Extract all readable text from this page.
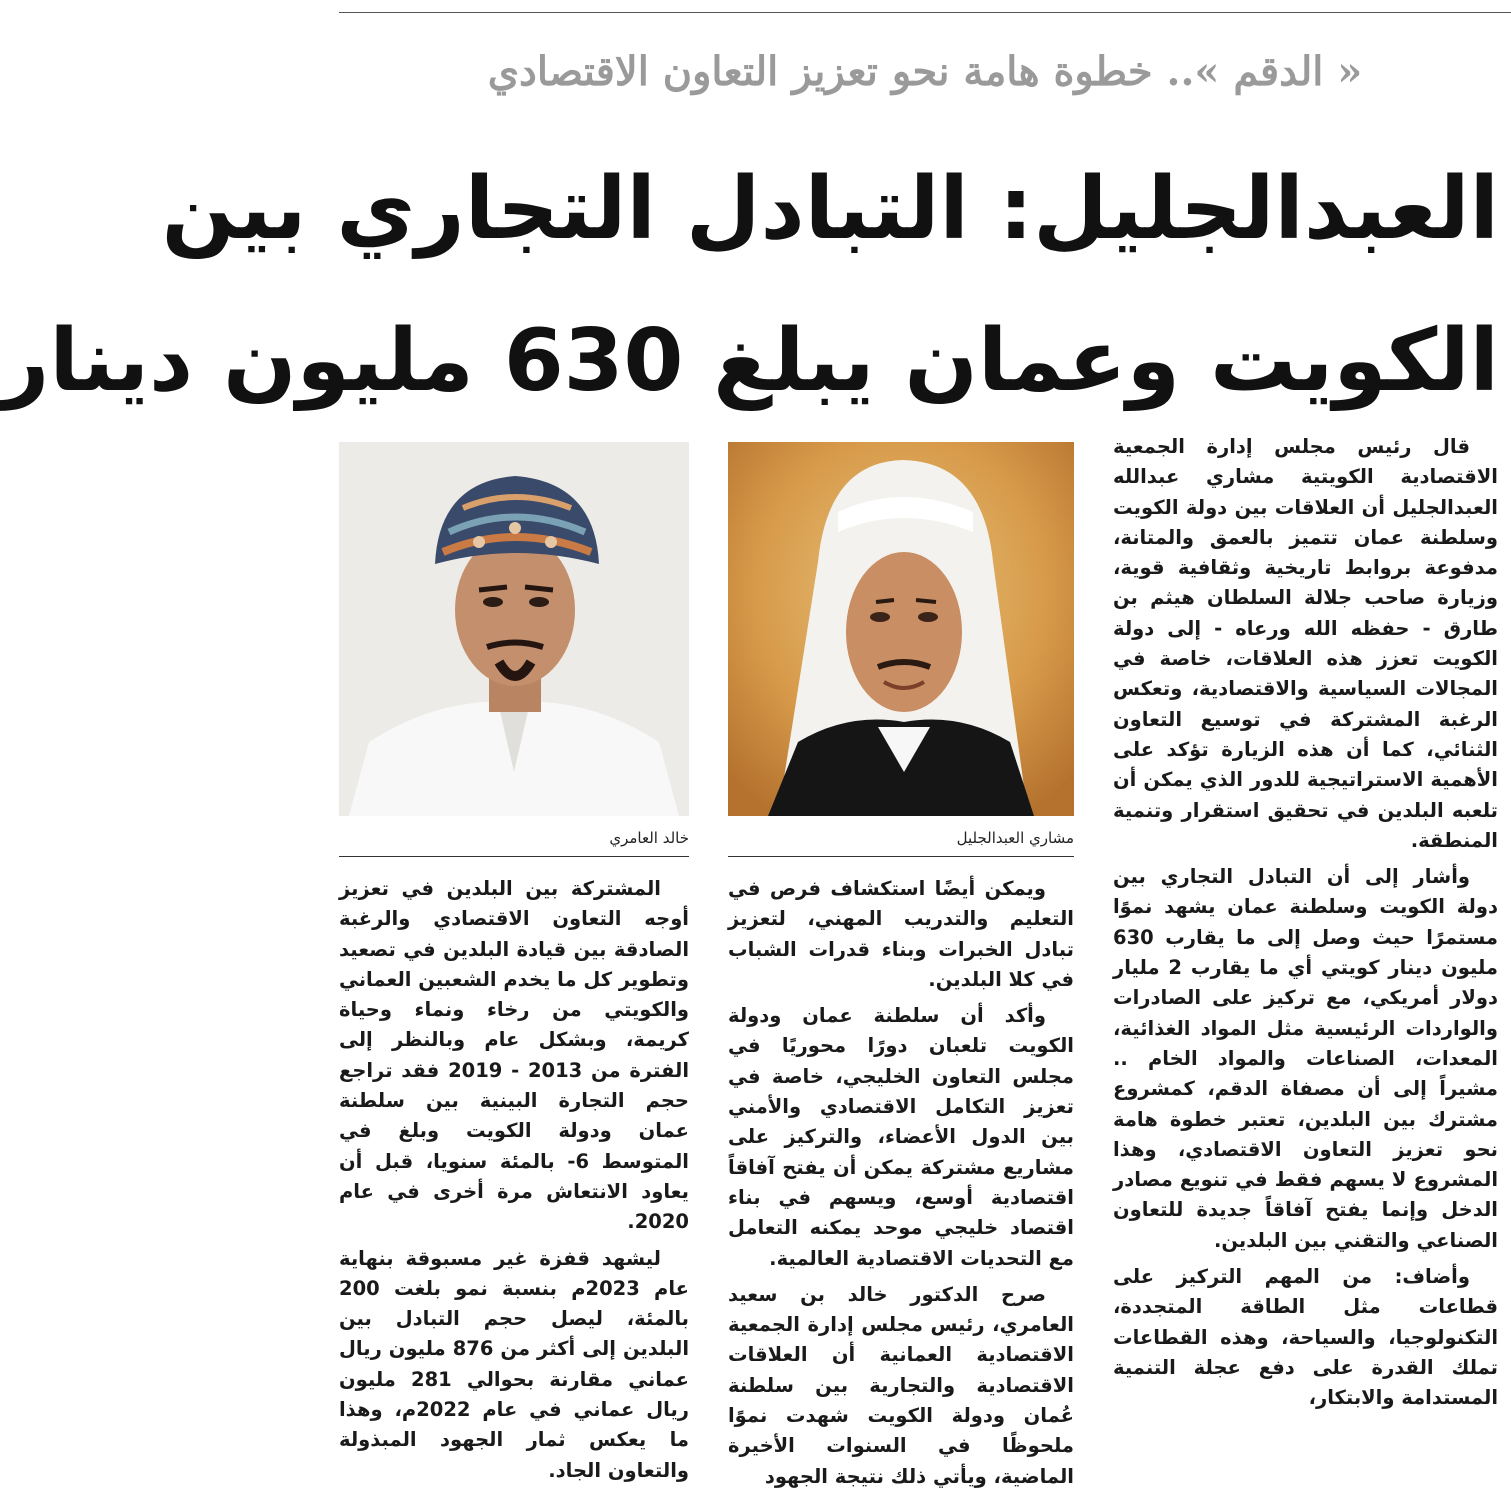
« الدقم ».. خطوة هامة نحو تعزيز التعاون الاقتصادي
العبدالجليل: التبادل التجاري بين
الكويت وعمان يبلغ 630 مليون دينار

قال رئيس مجلس إدارة الجمعية الاقتصادية الكويتية مشاري عبدالله العبدالجليل أن العلاقات بين دولة الكويت وسلطنة عمان تتميز بالعمق والمتانة، مدفوعة بروابط تاريخية وثقافية قوية، وزيارة صاحب جلالة السلطان هيثم بن طارق - حفظه الله ورعاه - إلى دولة الكويت تعزز هذه العلاقات، خاصة في المجالات السياسية والاقتصادية، وتعكس الرغبة المشتركة في توسيع التعاون الثنائي، كما أن هذه الزيارة تؤكد على الأهمية الاستراتيجية للدور الذي يمكن أن تلعبه البلدين في تحقيق استقرار وتنمية المنطقة.

وأشار إلى أن التبادل التجاري بين دولة الكويت وسلطنة عمان يشهد نموًا مستمرًا حيث وصل إلى ما يقارب 630 مليون دينار كويتي أي ما يقارب 2 مليار دولار أمريكي، مع تركيز على الصادرات والواردات الرئيسية مثل المواد الغذائية، المعدات، الصناعات والمواد الخام .. مشيراً إلى أن مصفاة الدقم، كمشروع مشترك بين البلدين، تعتبر خطوة هامة نحو تعزيز التعاون الاقتصادي، وهذا المشروع لا يسهم فقط في تنويع مصادر الدخل وإنما يفتح آفاقاً جديدة للتعاون الصناعي والتقني بين البلدين.

وأضاف: من المهم التركيز على قطاعات مثل الطاقة المتجددة، التكنولوجيا، والسياحة، وهذه القطاعات تملك القدرة على دفع عجلة التنمية المستدامة والابتكار،

مشاري العبدالجليل
خالد العامري

ويمكن أيضًا استكشاف فرص في التعليم والتدريب المهني، لتعزيز تبادل الخبرات وبناء قدرات الشباب في كلا البلدين.

وأكد أن سلطنة عمان ودولة الكويت تلعبان دورًا محوريًا في مجلس التعاون الخليجي، خاصة في تعزيز التكامل الاقتصادي والأمني بين الدول الأعضاء، والتركيز على مشاريع مشتركة يمكن أن يفتح آفاقاً اقتصادية أوسع، ويسهم في بناء اقتصاد خليجي موحد يمكنه التعامل مع التحديات الاقتصادية العالمية.

صرح الدكتور خالد بن سعيد العامري، رئيس مجلس إدارة الجمعية الاقتصادية العمانية أن العلاقات الاقتصادية والتجارية بين سلطنة عُمان ودولة الكويت شهدت نموًا ملحوظًا في السنوات الأخيرة الماضية، ويأتي ذلك نتيجة الجهود

المشتركة بين البلدين في تعزيز أوجه التعاون الاقتصادي والرغبة الصادقة بين قيادة البلدين في تصعيد وتطوير كل ما يخدم الشعبين العماني والكويتي من رخاء ونماء وحياة كريمة، وبشكل عام وبالنظر إلى الفترة من 2013 - 2019 فقد تراجع حجم التجارة البينية بين سلطنة عمان ودولة الكويت وبلغ في المتوسط 6- بالمئة سنويا، قبل أن يعاود الانتعاش مرة أخرى في عام 2020.

ليشهد قفزة غير مسبوقة بنهاية عام 2023م بنسبة نمو بلغت 200 بالمئة، ليصل حجم التبادل بين البلدين إلى أكثر من 876 مليون ريال عماني مقارنة بحوالي 281 مليون ريال عماني في عام 2022م، وهذا ما يعكس ثمار الجهود المبذولة والتعاون الجاد.
